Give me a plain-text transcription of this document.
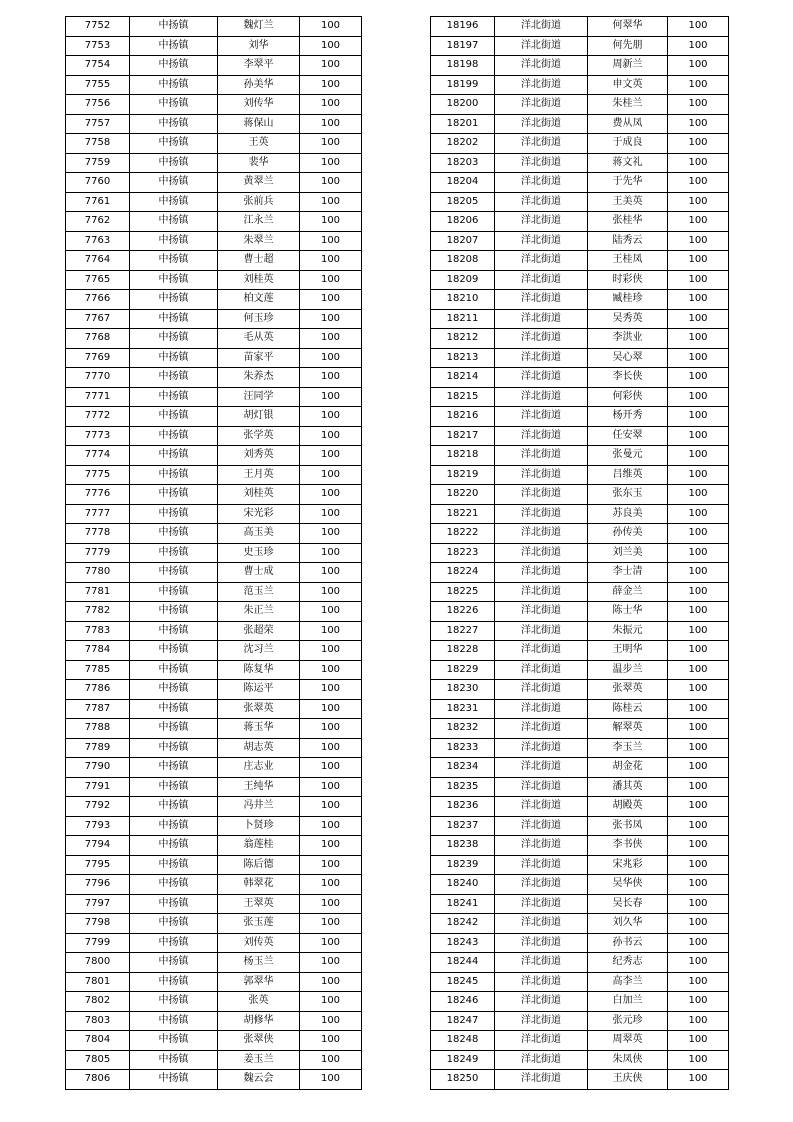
7752	中扬镇	魏灯兰	100
7753	中扬镇	刘华	100
7754	中扬镇	李翠平	100
7755	中扬镇	孙美华	100
7756	中扬镇	刘传华	100
7757	中扬镇	蒋保山	100
7758	中扬镇	王英	100
7759	中扬镇	裴华	100
7760	中扬镇	黄翠兰	100
7761	中扬镇	张前兵	100
7762	中扬镇	江永兰	100
7763	中扬镇	朱翠兰	100
7764	中扬镇	曹士超	100
7765	中扬镇	刘桂英	100
7766	中扬镇	柏文莲	100
7767	中扬镇	何玉珍	100
7768	中扬镇	毛从英	100
7769	中扬镇	苗家平	100
7770	中扬镇	朱养杰	100
7771	中扬镇	汪同学	100
7772	中扬镇	胡灯银	100
7773	中扬镇	张学英	100
7774	中扬镇	刘秀英	100
7775	中扬镇	王月英	100
7776	中扬镇	刘桂英	100
7777	中扬镇	宋光彩	100
7778	中扬镇	高玉美	100
7779	中扬镇	史玉珍	100
7780	中扬镇	曹士成	100
7781	中扬镇	范玉兰	100
7782	中扬镇	朱正兰	100
7783	中扬镇	张超荣	100
7784	中扬镇	沈习兰	100
7785	中扬镇	陈复华	100
7786	中扬镇	陈运平	100
7787	中扬镇	张翠英	100
7788	中扬镇	蒋玉华	100
7789	中扬镇	胡志英	100
7790	中扬镇	庄志业	100
7791	中扬镇	王纯华	100
7792	中扬镇	冯井兰	100
7793	中扬镇	卜贤珍	100
7794	中扬镇	翁莲桂	100
7795	中扬镇	陈后德	100
7796	中扬镇	韩翠花	100
7797	中扬镇	王翠英	100
7798	中扬镇	张玉莲	100
7799	中扬镇	刘传英	100
7800	中扬镇	杨玉兰	100
7801	中扬镇	郭翠华	100
7802	中扬镇	张英	100
7803	中扬镇	胡修华	100
7804	中扬镇	张翠侠	100
7805	中扬镇	姜玉兰	100
7806	中扬镇	魏云会	100
18196	洋北街道	何翠华	100
18197	洋北街道	何先朋	100
18198	洋北街道	周新兰	100
18199	洋北街道	申文英	100
18200	洋北街道	朱桂兰	100
18201	洋北街道	费从凤	100
18202	洋北街道	于成良	100
18203	洋北街道	蒋文礼	100
18204	洋北街道	于先华	100
18205	洋北街道	王美英	100
18206	洋北街道	张桂华	100
18207	洋北街道	陆秀云	100
18208	洋北街道	王桂凤	100
18209	洋北街道	时彩侠	100
18210	洋北街道	臧桂珍	100
18211	洋北街道	吴秀英	100
18212	洋北街道	李洪业	100
18213	洋北街道	吴心翠	100
18214	洋北街道	李长侠	100
18215	洋北街道	何彩侠	100
18216	洋北街道	杨开秀	100
18217	洋北街道	任安翠	100
18218	洋北街道	张曼元	100
18219	洋北街道	吕维英	100
18220	洋北街道	张东玉	100
18221	洋北街道	苏良美	100
18222	洋北街道	孙传美	100
18223	洋北街道	刘兰美	100
18224	洋北街道	李士清	100
18225	洋北街道	薛金兰	100
18226	洋北街道	陈士华	100
18227	洋北街道	朱振元	100
18228	洋北街道	王明华	100
18229	洋北街道	温步兰	100
18230	洋北街道	张翠英	100
18231	洋北街道	陈桂云	100
18232	洋北街道	解翠英	100
18233	洋北街道	李玉兰	100
18234	洋北街道	胡金花	100
18235	洋北街道	潘其英	100
18236	洋北街道	胡殿英	100
18237	洋北街道	张书凤	100
18238	洋北街道	李书侠	100
18239	洋北街道	宋兆彩	100
18240	洋北街道	吴华侠	100
18241	洋北街道	吴长春	100
18242	洋北街道	刘久华	100
18243	洋北街道	孙书云	100
18244	洋北街道	纪秀志	100
18245	洋北街道	高李兰	100
18246	洋北街道	白加兰	100
18247	洋北街道	张元珍	100
18248	洋北街道	周翠英	100
18249	洋北街道	朱凤侠	100
18250	洋北街道	王庆侠	100
